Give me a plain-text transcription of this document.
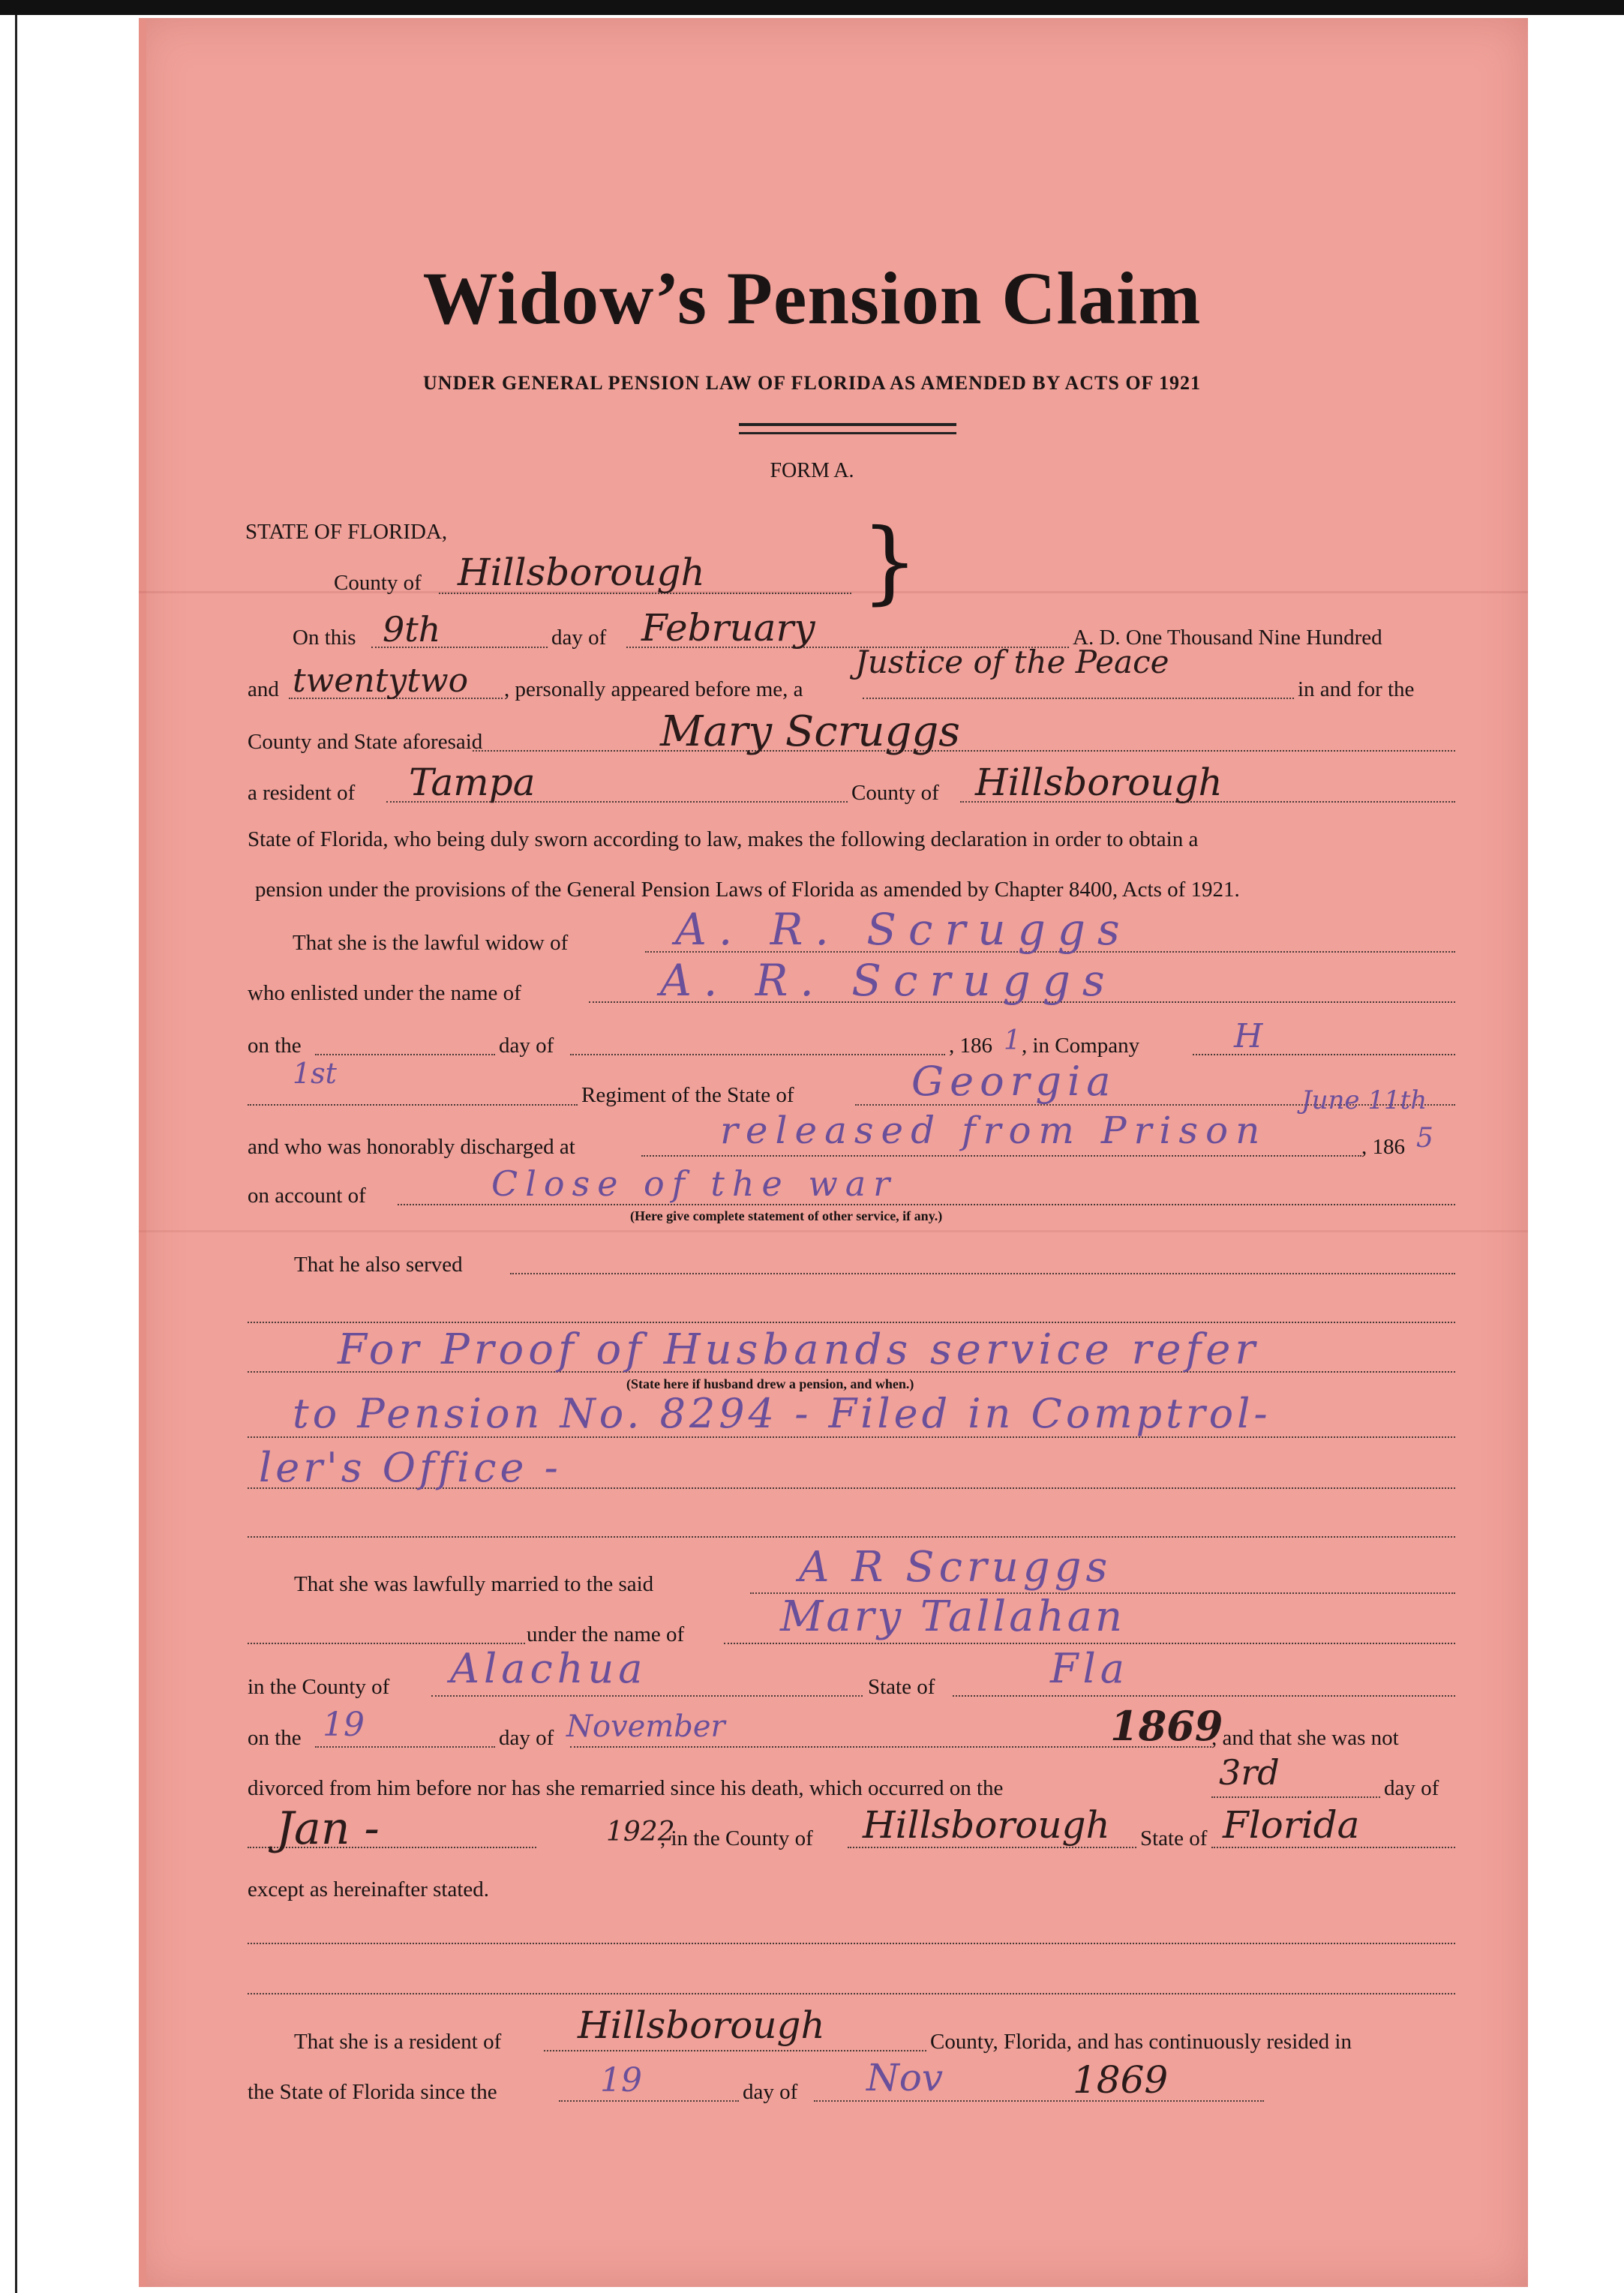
Widow’s Pension Claim
UNDER GENERAL PENSION LAW OF FLORIDA AS AMENDED BY ACTS OF 1921
FORM A.
STATE OF FLORIDA,
County of Hillsborough }
On this 9th	day of February	A. D. One Thousand Nine Hundred
and twentytwo , personally appeared before me, a
Justice of the Peace
in and for the
County and State aforesaid	Mary Scruggs
a resident of Tampa	County of Hillsborough
State of Florida, who being duly sworn according to law, makes the following declaration in order to obtain a
pension under the provisions of the General Pension Laws of Florida as amended by Chapter 8400, Acts of 1921.
That she is the lawful widow of A. R. Scruggs
who enlisted under the name of	A. R. Scruggs
on the	day of	, 186 1 , in Company	H
1st
Regiment of the State of	Georgia
and who was honorably discharged at	released from Prison
June 11th
, 186 5
on account of	Close of the war
(Here give complete statement of other service, if any.)
That he also served
For Proof of Husbands service refer
(State here if husband drew a pension, and when.)
to Pension No. 8294 - Filed in Comptrol-
ler's Office -
That she was lawfully married to the said	A R Scruggs
under the name of Mary Tallahan
in the County of Alachua	State of	Fla
on the 19	day of November	1869
, and that she was not
divorced from him before nor has she remarried since his death, which occurred on the	3rd	day of
Jan -	1922
, in the County of Hillsborough State of Florida
except as hereinafter stated.
That she is a resident of Hillsborough	County, Florida, and has continuously resided in
the State of Florida since the	19	day of Nov	1869
